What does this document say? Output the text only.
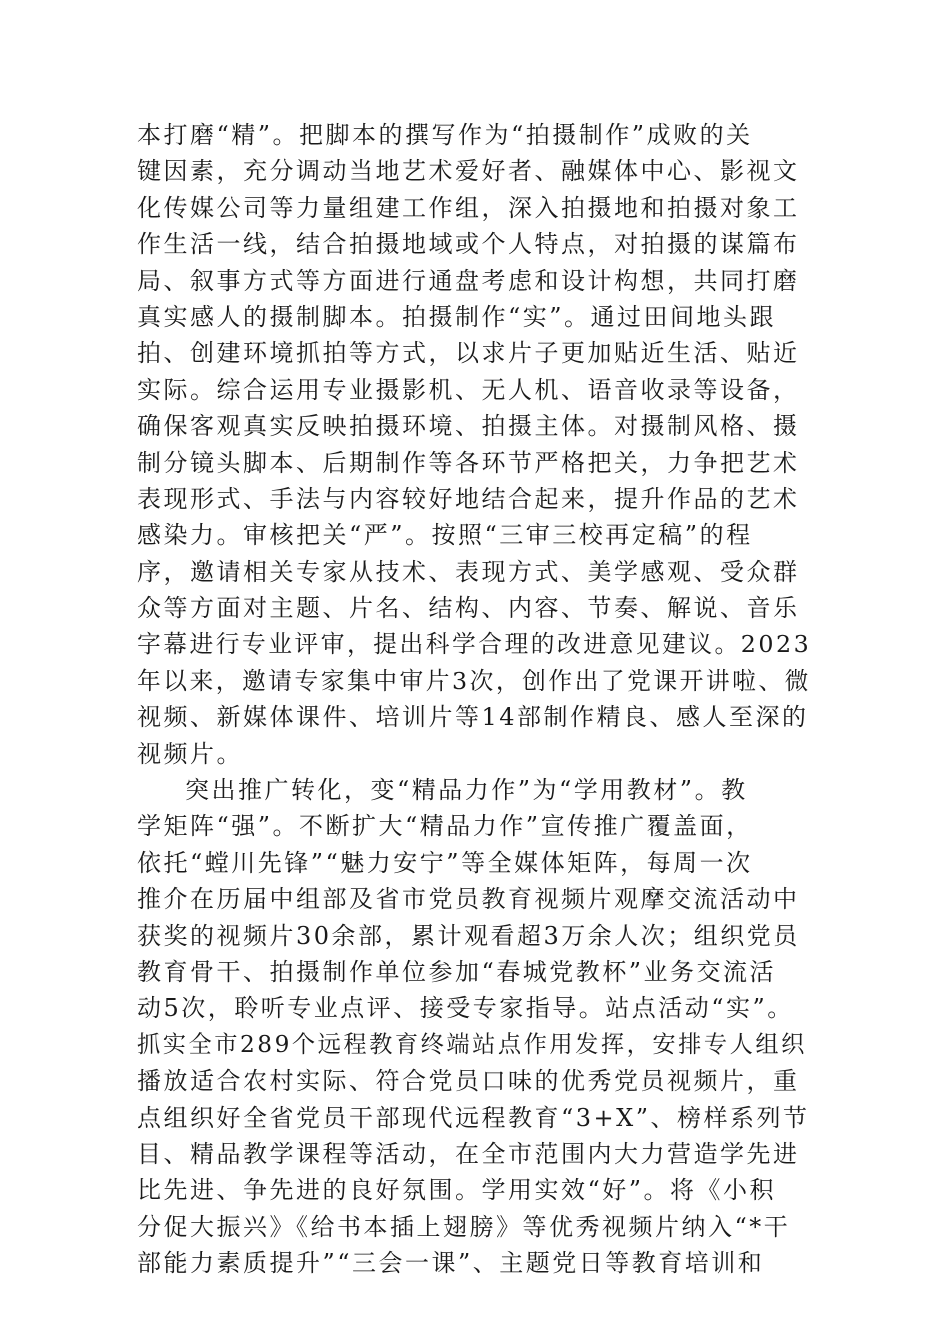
本打磨“精”。把脚本的撰写作为“拍摄制作”成败的关
键因素，充分调动当地艺术爱好者、融媒体中心、影视文
化传媒公司等力量组建工作组，深入拍摄地和拍摄对象工
作生活一线，结合拍摄地域或个人特点，对拍摄的谋篇布
局、叙事方式等方面进行通盘考虑和设计构想，共同打磨
真实感人的摄制脚本。拍摄制作“实”。通过田间地头跟
拍、创建环境抓拍等方式，以求片子更加贴近生活、贴近
实际。综合运用专业摄影机、无人机、语音收录等设备，
确保客观真实反映拍摄环境、拍摄主体。对摄制风格、摄
制分镜头脚本、后期制作等各环节严格把关，力争把艺术
表现形式、手法与内容较好地结合起来，提升作品的艺术
感染力。审核把关“严”。按照“三审三校再定稿”的程
序，邀请相关专家从技术、表现方式、美学感观、受众群
众等方面对主题、片名、结构、内容、节奏、解说、音乐
字幕进行专业评审，提出科学合理的改进意见建议。2023
年以来，邀请专家集中审片3次，创作出了党课开讲啦、微
视频、新媒体课件、培训片等14部制作精良、感人至深的
视频片。
突出推广转化，变“精品力作”为“学用教材”。教
学矩阵“强”。不断扩大“精品力作”宣传推广覆盖面，
依托“螳川先锋”“魅力安宁”等全媒体矩阵，每周一次
推介在历届中组部及省市党员教育视频片观摩交流活动中
获奖的视频片30余部，累计观看超3万余人次；组织党员
教育骨干、拍摄制作单位参加“春城党教杯”业务交流活
动5次，聆听专业点评、接受专家指导。站点活动“实”。
抓实全市289个远程教育终端站点作用发挥，安排专人组织
播放适合农村实际、符合党员口味的优秀党员视频片，重
点组织好全省党员干部现代远程教育“3+X”、榜样系列节
目、精品教学课程等活动，在全市范围内大力营造学先进
比先进、争先进的良好氛围。学用实效“好”。将《小积
分促大振兴》《给书本插上翅膀》等优秀视频片纳入“*干
部能力素质提升”“三会一课”、主题党日等教育培训和
